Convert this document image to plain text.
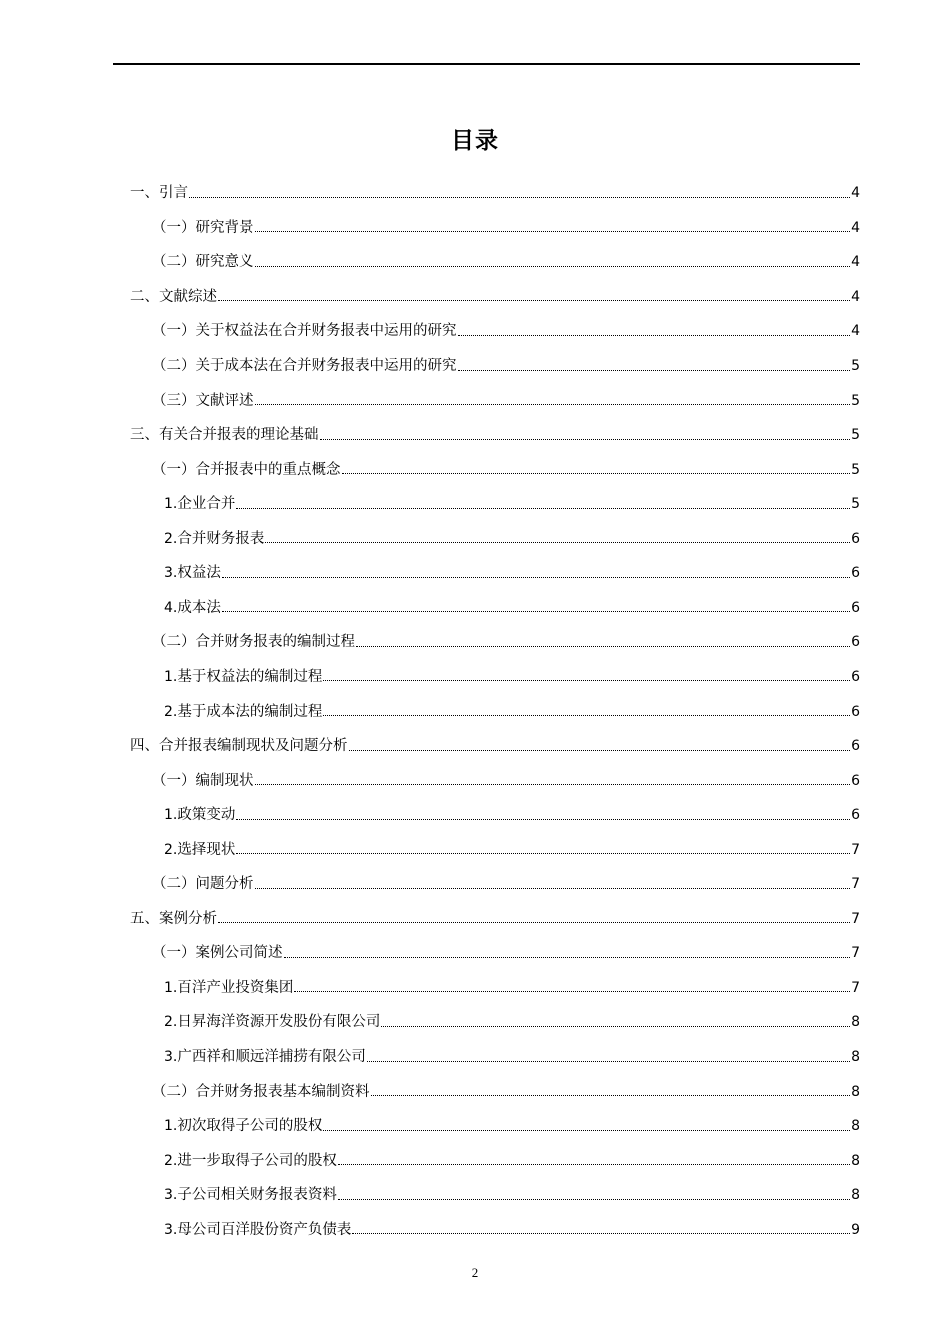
目录
一、引言	4
（一）研究背景	4
（二）研究意义	4
二、文献综述	4
（一）关于权益法在合并财务报表中运用的研究	4
（二）关于成本法在合并财务报表中运用的研究	5
（三）文献评述	5
三、有关合并报表的理论基础	5
（一）合并报表中的重点概念	5
1.企业合并	5
2.合并财务报表	6
3.权益法	6
4.成本法	6
（二）合并财务报表的编制过程	6
1.基于权益法的编制过程	6
2.基于成本法的编制过程	6
四、合并报表编制现状及问题分析	6
（一）编制现状	6
1.政策变动	6
2.选择现状	7
（二）问题分析	7
五、案例分析	7
（一）案例公司简述	7
1.百洋产业投资集团	7
2.日昇海洋资源开发股份有限公司	8
3.广西祥和顺远洋捕捞有限公司	8
（二）合并财务报表基本编制资料	8
1.初次取得子公司的股权	8
2.进一步取得子公司的股权	8
3.子公司相关财务报表资料	8
3.母公司百洋股份资产负债表	9
2
